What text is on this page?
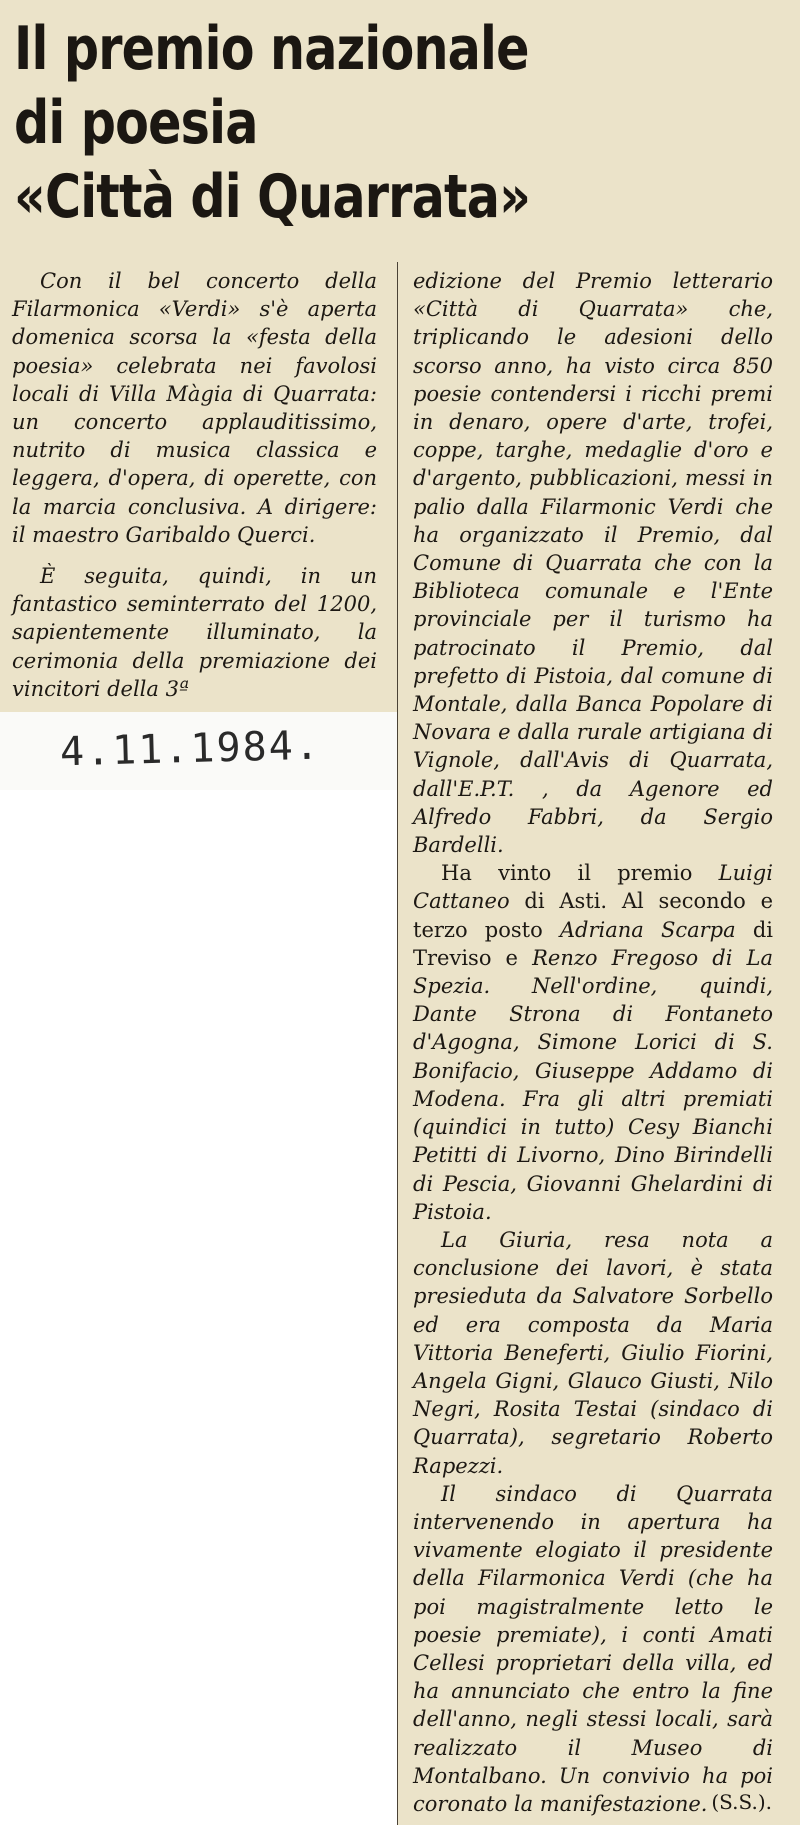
Il premio nazionale
di poesia
«Città di Quarrata»

Con il bel concerto della Filarmonica «Verdi» s'è aperta domenica scorsa la «festa della poesia» celebrata nei favolosi locali di Villa Màgia di Quarrata: un concerto applauditissimo, nutrito di musica classica e leggera, d'opera, di operette, con la marcia conclusiva. A dirigere: il maestro Garibaldo Querci.

È seguita, quindi, in un fantastico seminterrato del 1200, sapientemente illuminato, la cerimonia della premiazione dei vincitori della 3ª

edizione del Premio letterario «Città di Quarrata» che, triplicando le adesioni dello scorso anno, ha visto circa 850 poesie contendersi i ricchi premi in denaro, opere d'arte, trofei, coppe, targhe, medaglie d'oro e d'argento, pubblicazioni, messi in palio dalla Filarmonic Verdi che ha organizzato il Premio, dal Comune di Quarrata che con la Biblioteca comunale e l'Ente provinciale per il turismo ha patrocinato il Premio, dal prefetto di Pistoia, dal comune di Montale, dalla Banca Popolare di Novara e dalla rurale artigiana di Vignole, dall'Avis di Quarrata, dall'E.P.T. , da Agenore ed Alfredo Fabbri, da Sergio Bardelli.

Ha vinto il premio Luigi Cattaneo di Asti. Al secondo e terzo posto Adriana Scarpa di Treviso e Renzo Fregoso di La Spezia. Nell'ordine, quindi, Dante Strona di Fontaneto d'Agogna, Simone Lorici di S. Bonifacio, Giuseppe Addamo di Modena. Fra gli altri premiati (quindici in tutto) Cesy Bianchi Petitti di Livorno, Dino Birindelli di Pescia, Giovanni Ghelardini di Pistoia.

La Giuria, resa nota a conclusione dei lavori, è stata presieduta da Salvatore Sorbello ed era composta da Maria Vittoria Beneferti, Giulio Fiorini, Angela Gigni, Glauco Giusti, Nilo Negri, Rosita Testai (sindaco di Quarrata), segretario Roberto Rapezzi.

Il sindaco di Quarrata intervenendo in apertura ha vivamente elogiato il presidente della Filarmonica Verdi (che ha poi magistralmente letto le poesie premiate), i conti Amati Cellesi proprietari della villa, ed ha annunciato che entro la fine dell'anno, negli stessi locali, sarà realizzato il Museo di Montalbano. Un convivio ha poi coronato la manifestazione.

4.11.1984.
(S.S.).
